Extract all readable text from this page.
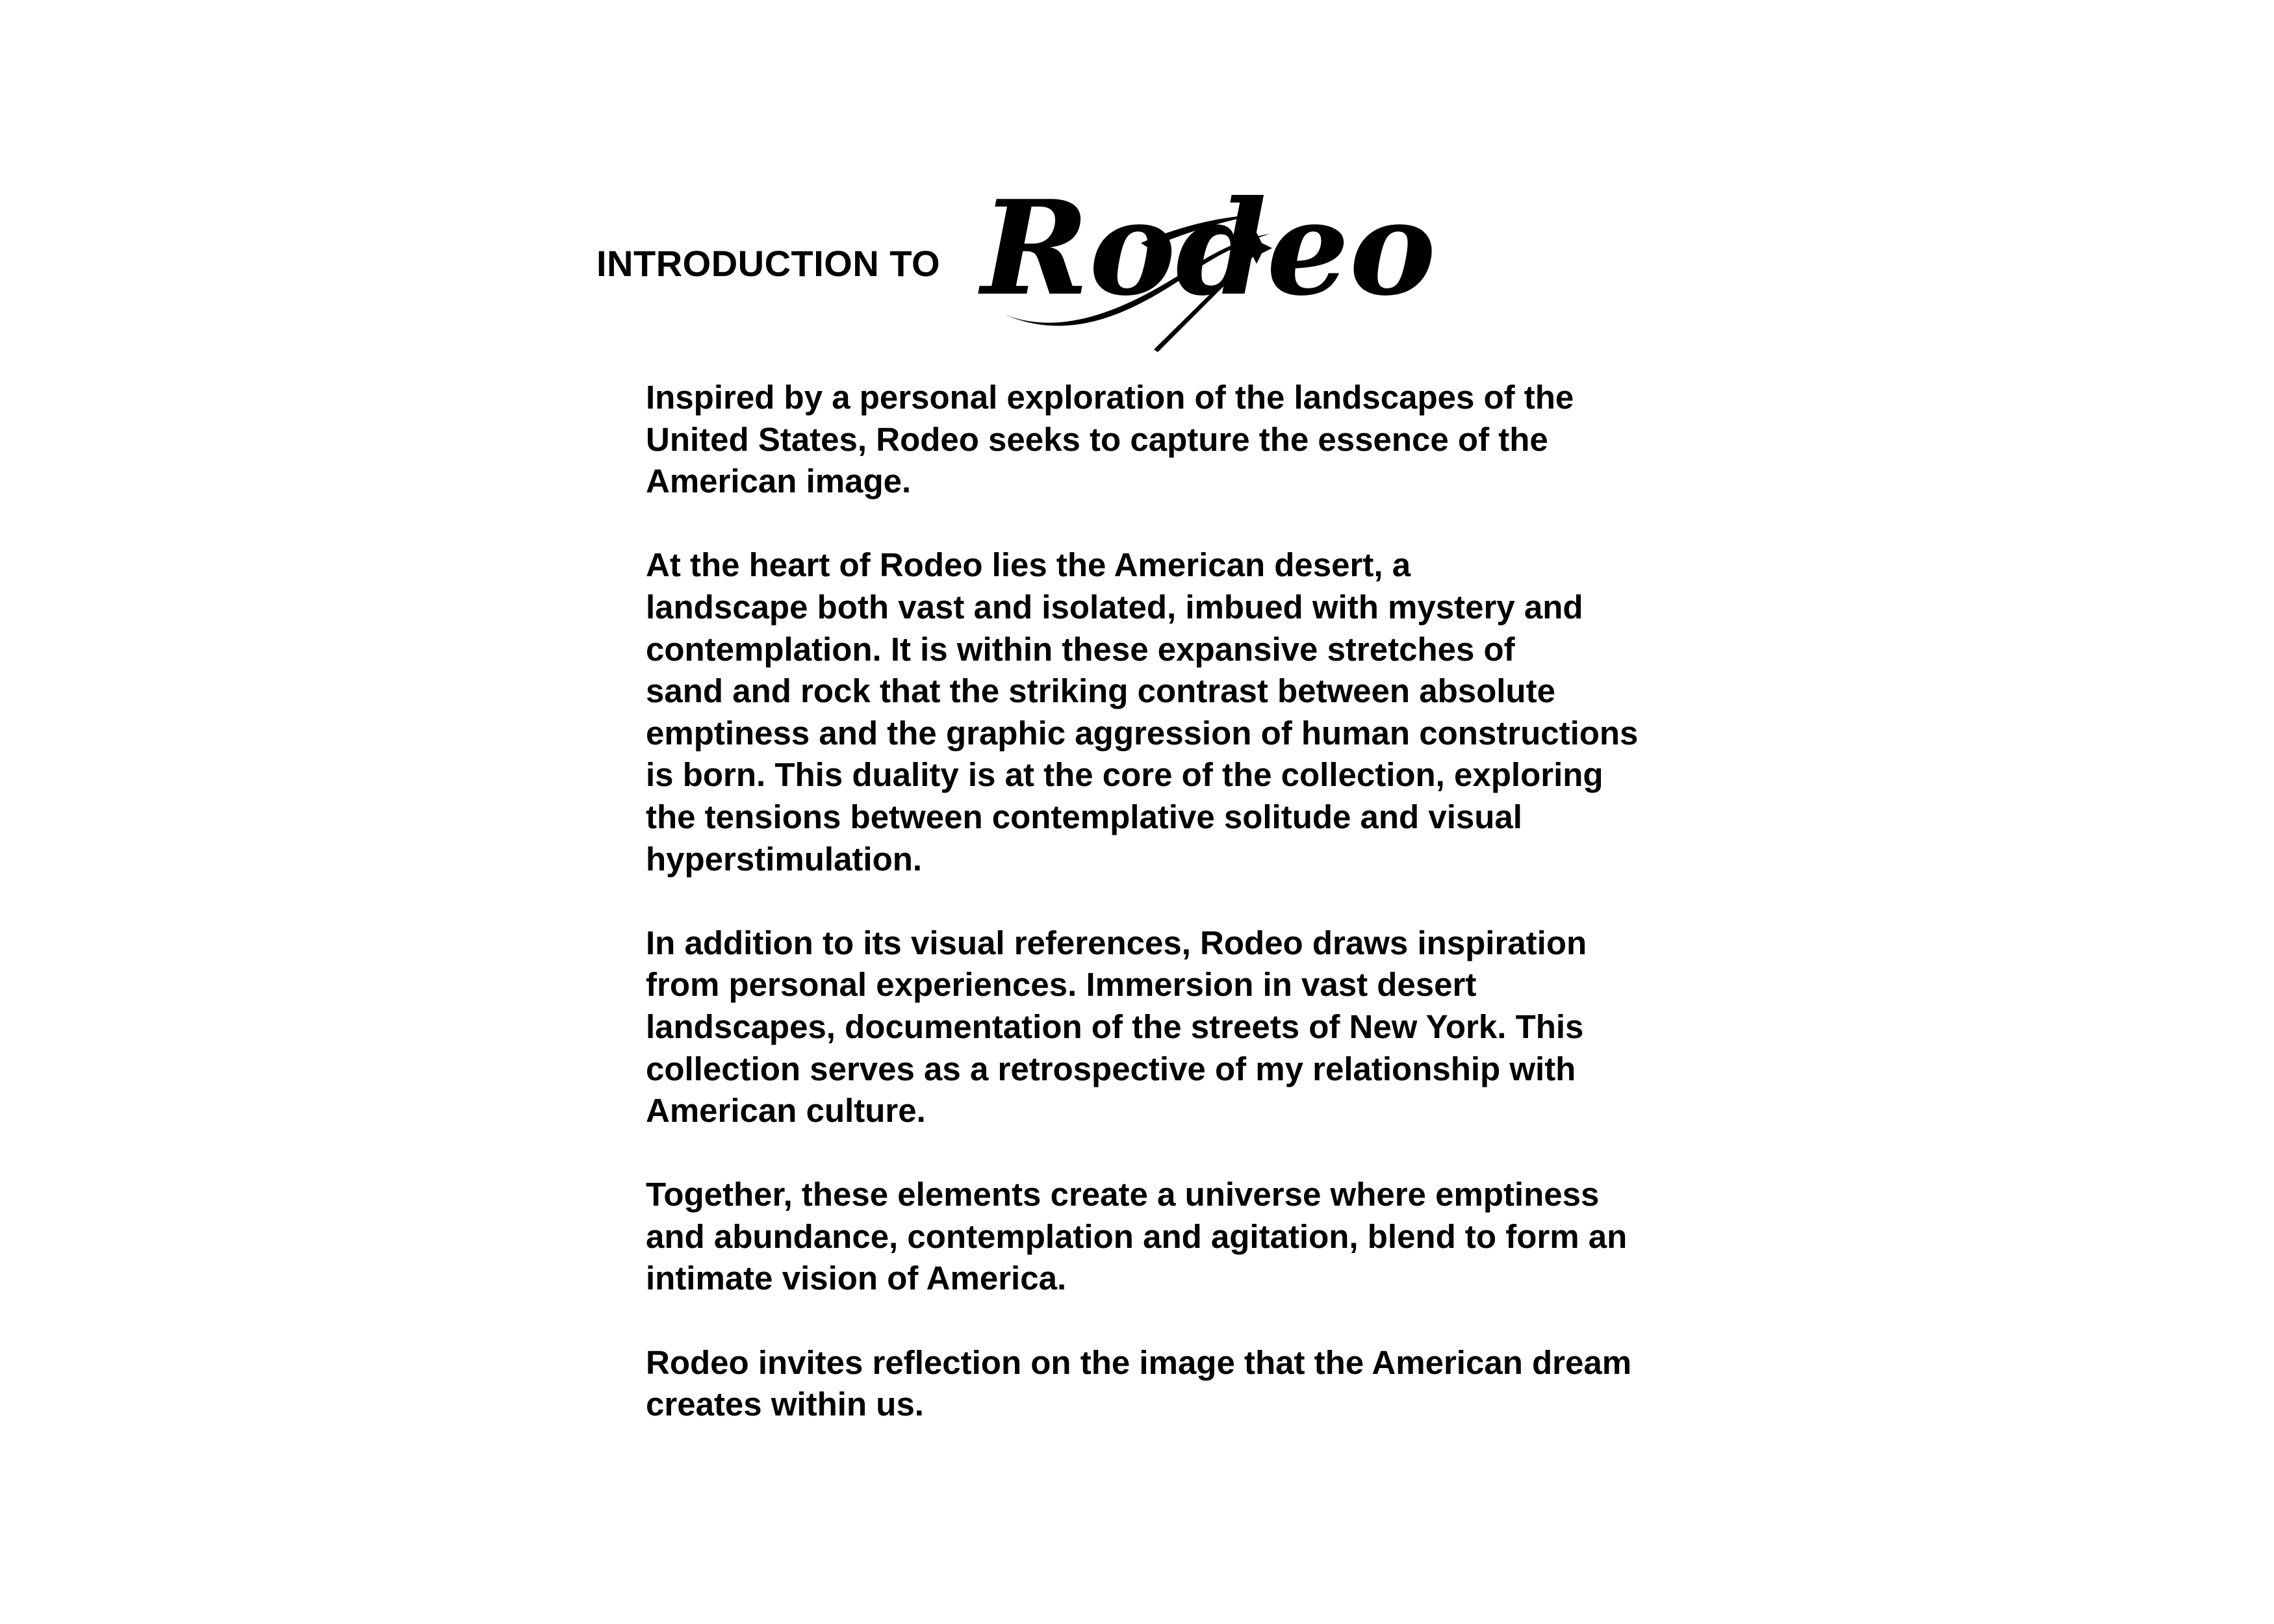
INTRODUCTION TO Rodeo

Inspired by a personal exploration of the landscapes of the
United States, Rodeo seeks to capture the essence of the
American image.

At the heart of Rodeo lies the American desert, a
landscape both vast and isolated, imbued with mystery and
contemplation. It is within these expansive stretches of
sand and rock that the striking contrast between absolute
emptiness and the graphic aggression of human constructions
is born. This duality is at the core of the collection, exploring
the tensions between contemplative solitude and visual
hyperstimulation.

In addition to its visual references, Rodeo draws inspiration
from personal experiences. Immersion in vast desert
landscapes, documentation of the streets of New York. This
collection serves as a retrospective of my relationship with
American culture.

Together, these elements create a universe where emptiness
and abundance, contemplation and agitation, blend to form an
intimate vision of America.

Rodeo invites reflection on the image that the American dream
creates within us.
